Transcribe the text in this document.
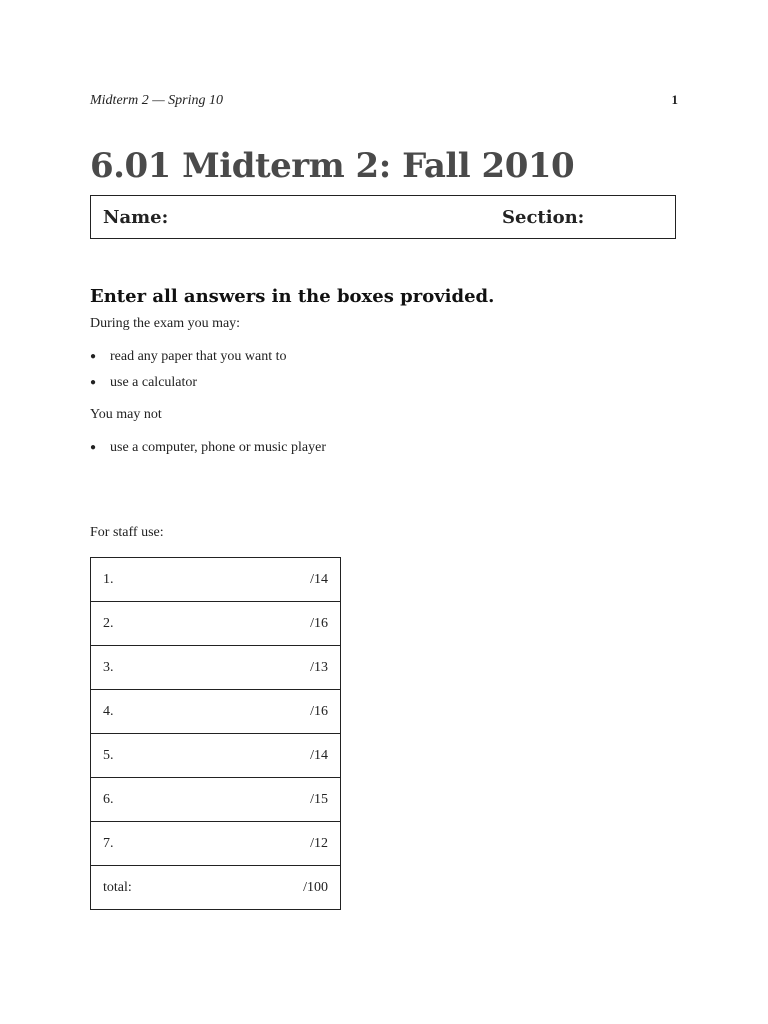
Midterm 2 — Spring 10	1
6.01 Midterm 2: Fall 2010
Name:	Section:
Enter all answers in the boxes provided.
During the exam you may:
● read any paper that you want to
● use a calculator
You may not
● use a computer, phone or music player
For staff use:
1.	/14
2.	/16
3.	/13
4.	/16
5.	/14
6.	/15
7.	/12
total:	/100
